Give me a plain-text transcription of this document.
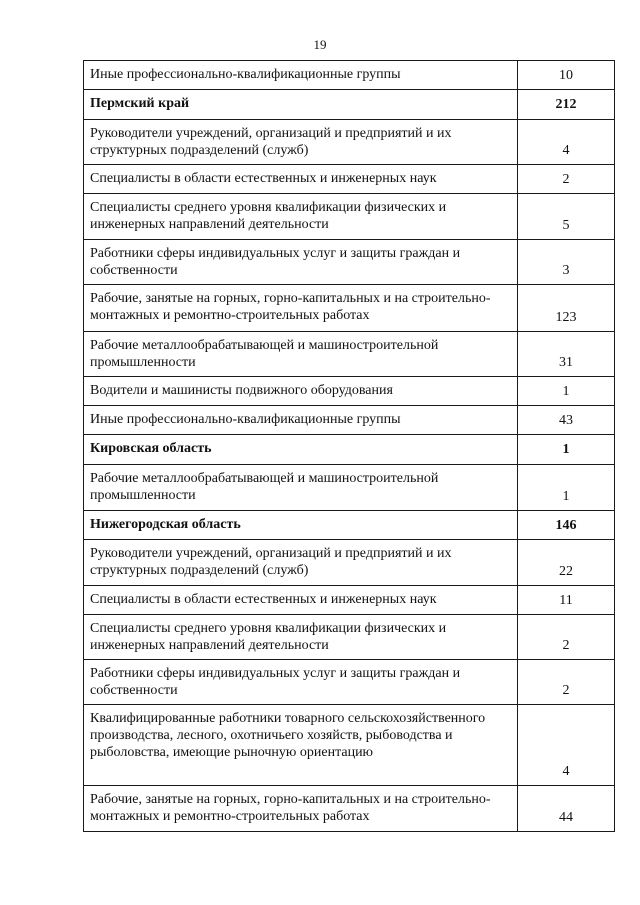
19
Иные профессионально-квалификационные группы	10
Пермский край	212
Руководители учреждений, организаций и предприятий и их структурных подразделений (служб)	4
Специалисты в области естественных и инженерных наук	2
Специалисты среднего уровня квалификации физических и инженерных направлений деятельности	5
Работники сферы индивидуальных услуг и защиты граждан и собственности	3
Рабочие, занятые на горных, горно-капитальных и на строительно-монтажных и ремонтно-строительных работах	123
Рабочие металлообрабатывающей и машиностроительной промышленности	31
Водители и машинисты подвижного оборудования	1
Иные профессионально-квалификационные группы	43
Кировская область	1
Рабочие металлообрабатывающей и машиностроительной промышленности	1
Нижегородская область	146
Руководители учреждений, организаций и предприятий и их структурных подразделений (служб)	22
Специалисты в области естественных и инженерных наук	11
Специалисты среднего уровня квалификации физических и инженерных направлений деятельности	2
Работники сферы индивидуальных услуг и защиты граждан и собственности	2
Квалифицированные работники товарного сельскохозяйственного производства, лесного, охотничьего хозяйств, рыбоводства и рыболовства, имеющие рыночную ориентацию	4
Рабочие, занятые на горных, горно-капитальных и на строительно-монтажных и ремонтно-строительных работах	44
